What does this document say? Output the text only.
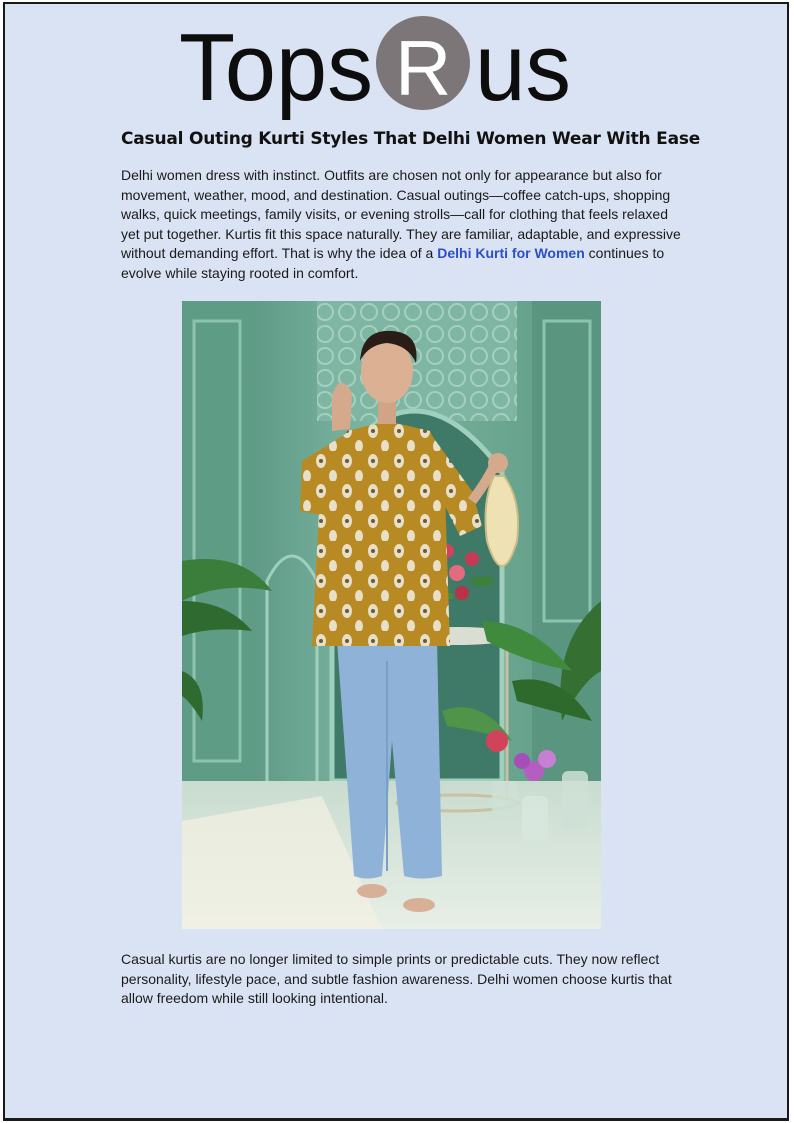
Tops R us
Casual Outing Kurti Styles That Delhi Women Wear With Ease

Delhi women dress with instinct. Outfits are chosen not only for appearance but also for movement, weather, mood, and destination. Casual outings—coffee catch-ups, shopping walks, quick meetings, family visits, or evening strolls—call for clothing that feels relaxed yet put together. Kurtis fit this space naturally. They are familiar, adaptable, and expressive without demanding effort. That is why the idea of a Delhi Kurti for Women continues to evolve while staying rooted in comfort.

Casual kurtis are no longer limited to simple prints or predictable cuts. They now reflect personality, lifestyle pace, and subtle fashion awareness. Delhi women choose kurtis that allow freedom while still looking intentional.
